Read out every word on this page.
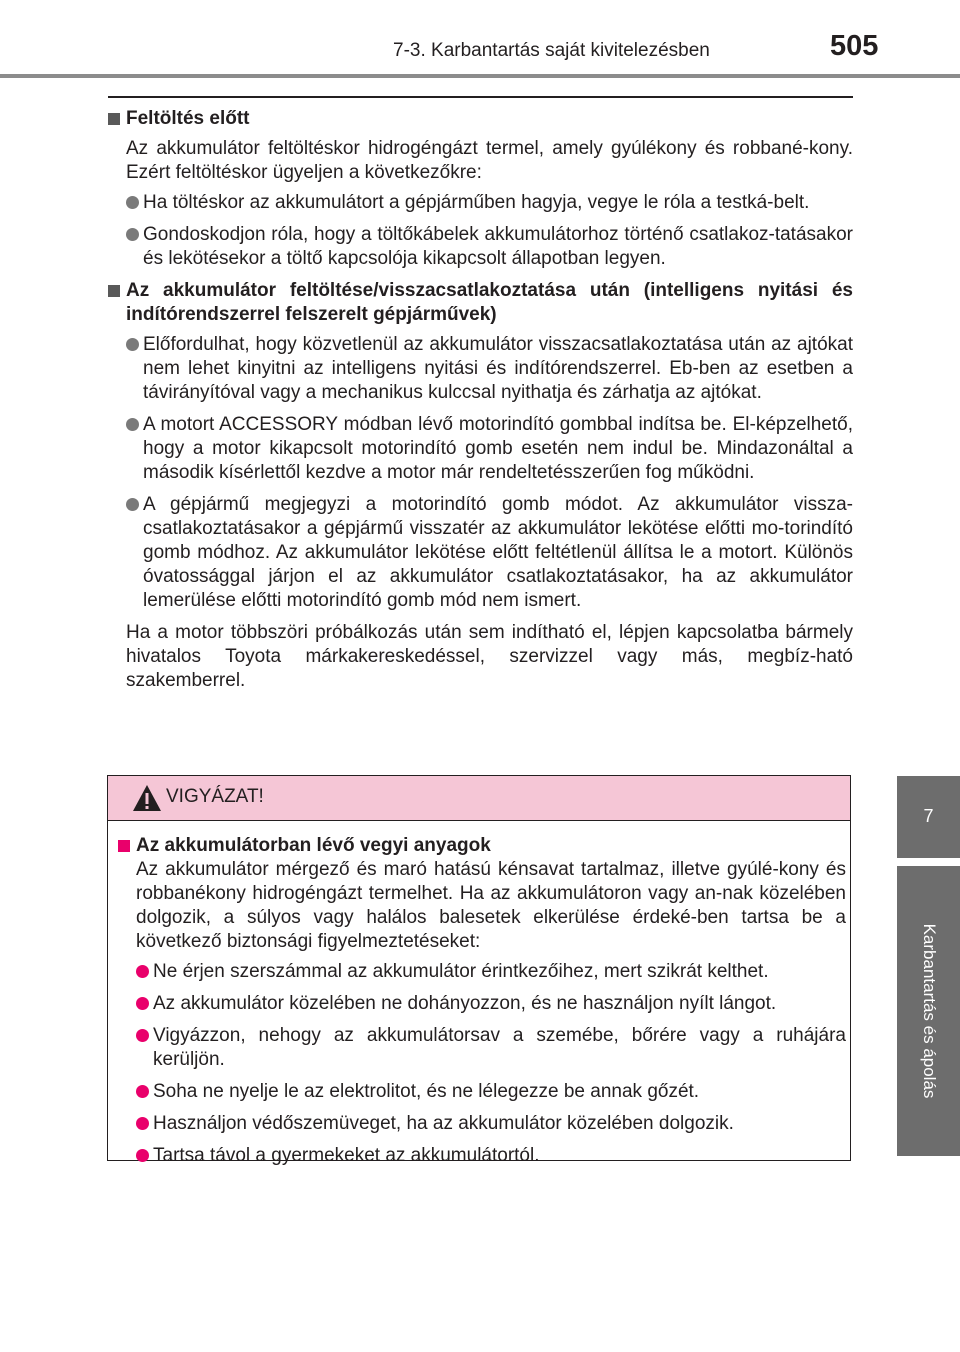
7-3. Karbantartás saját kivitelezésben	505
7
Karbantartás és ápolás
Feltöltés előtt
Az akkumulátor feltöltéskor hidrogéngázt termel, amely gyúlékony és robbané-kony. Ezért feltöltéskor ügyeljen a következőkre:
Ha töltéskor az akkumulátort a gépjárműben hagyja, vegye le róla a testká-belt.
Gondoskodjon róla, hogy a töltőkábelek akkumulátorhoz történő csatlakoz-tatásakor és lekötésekor a töltő kapcsolója kikapcsolt állapotban legyen.
Az akkumulátor feltöltése/visszacsatlakoztatása után (intelligens nyitási és indítórendszerrel felszerelt gépjárművek)
Előfordulhat, hogy közvetlenül az akkumulátor visszacsatlakoztatása után az ajtókat nem lehet kinyitni az intelligens nyitási és indítórendszerrel. Eb-ben az esetben a távirányítóval vagy a mechanikus kulccsal nyithatja és zárhatja az ajtókat.
A motort ACCESSORY módban lévő motorindító gombbal indítsa be. El-képzelhető, hogy a motor kikapcsolt motorindító gomb esetén nem indul be. Mindazonáltal a második kísérlettől kezdve a motor már rendeltetésszerűen fog működni.
A gépjármű megjegyzi a motorindító gomb módot. Az akkumulátor vissza-csatlakoztatásakor a gépjármű visszatér az akkumulátor lekötése előtti mo-torindító gomb módhoz. Az akkumulátor lekötése előtt feltétlenül állítsa le a motort. Különös óvatossággal járjon el az akkumulátor csatlakoztatásakor, ha az akkumulátor lemerülése előtti motorindító gomb mód nem ismert.
Ha a motor többszöri próbálkozás után sem indítható el, lépjen kapcsolatba bármely hivatalos Toyota márkakereskedéssel, szervizzel vagy más, megbíz-ható szakemberrel.
VIGYÁZAT!
Az akkumulátorban lévő vegyi anyagok
Az akkumulátor mérgező és maró hatású kénsavat tartalmaz, illetve gyúlé-kony és robbanékony hidrogéngázt termelhet. Ha az akkumulátoron vagy an-nak közelében dolgozik, a súlyos vagy halálos balesetek elkerülése érdeké-ben tartsa be a következő biztonsági figyelmeztetéseket:
Ne érjen szerszámmal az akkumulátor érintkezőihez, mert szikrát kelthet.
Az akkumulátor közelében ne dohányozzon, és ne használjon nyílt lángot.
Vigyázzon, nehogy az akkumulátorsav a szemébe, bőrére vagy a ruhájára kerüljön.
Soha ne nyelje le az elektrolitot, és ne lélegezze be annak gőzét.
Használjon védőszemüveget, ha az akkumulátor közelében dolgozik.
Tartsa távol a gyermekeket az akkumulátortól.
